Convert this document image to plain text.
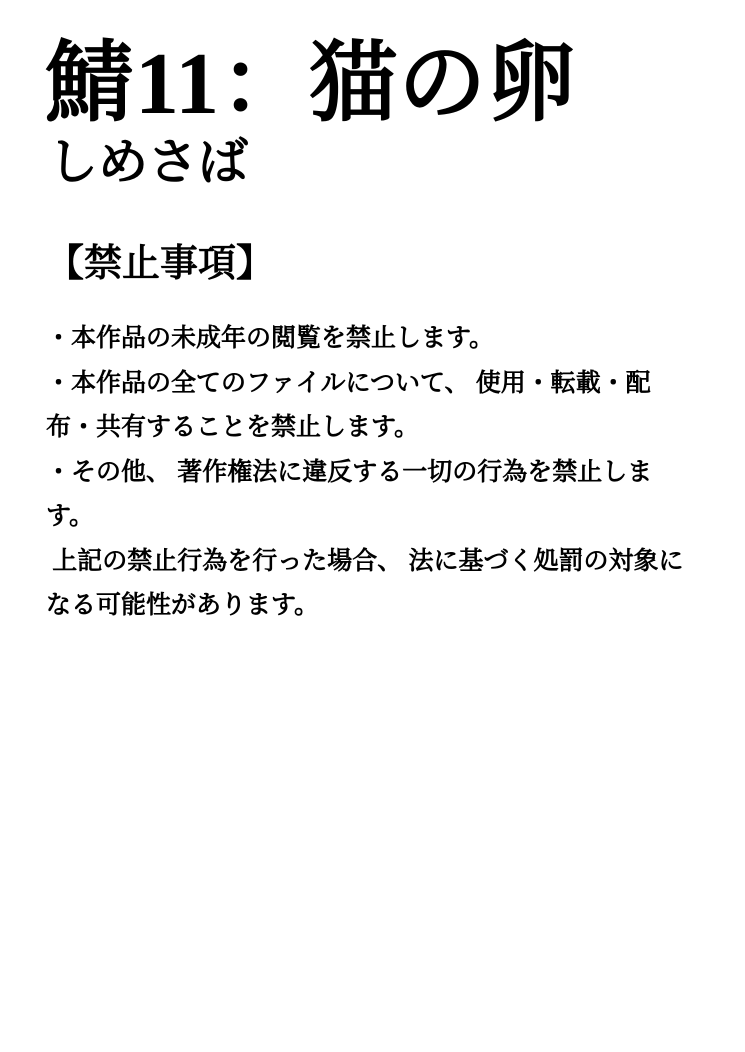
鯖11：猫の卵
しめさば
【禁止事項】

・本作品の未成年の閲覧を禁止します。

・本作品の全てのファイルについて、 使用・転載・配布・共有することを禁止します。

・その他、 著作権法に違反する一切の行為を禁止します。

上記の禁止行為を行った場合、 法に基づく処罰の対象になる可能性があります。
